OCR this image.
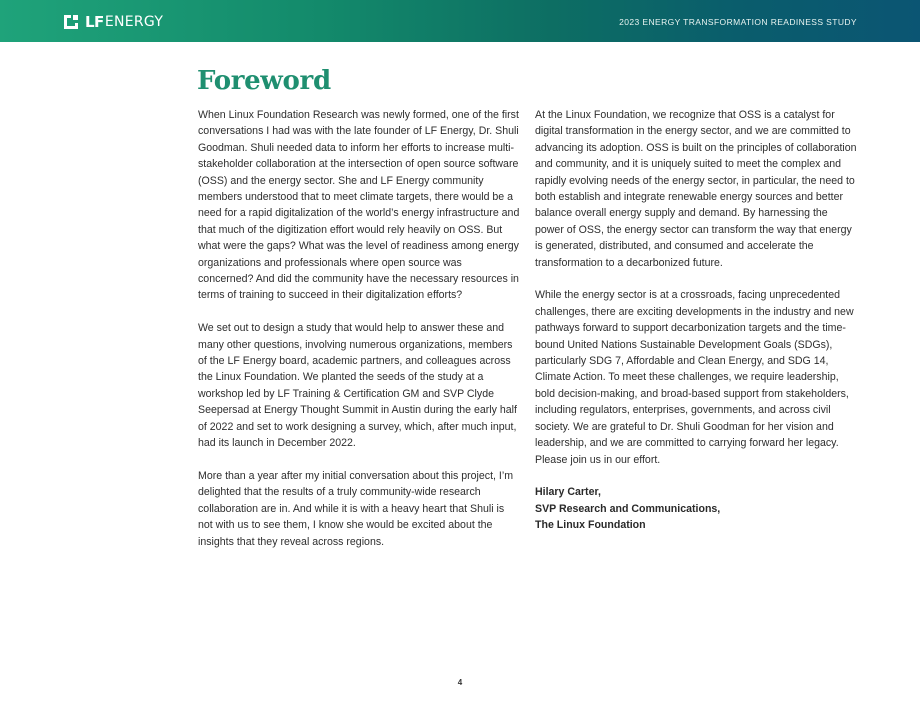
LF ENERGY	2023 ENERGY TRANSFORMATION READINESS STUDY
Foreword

When Linux Foundation Research was newly formed, one of the first conversations I had was with the late founder of LF Energy, Dr. Shuli Goodman. Shuli needed data to inform her efforts to increase multi-stakeholder collaboration at the intersection of open source software (OSS) and the energy sector. She and LF Energy community members understood that to meet climate targets, there would be a need for a rapid digitalization of the world’s energy infrastructure and that much of the digitization effort would rely heavily on OSS. But what were the gaps? What was the level of readiness among energy organizations and professionals where open source was concerned? And did the community have the necessary resources in terms of training to succeed in their digitalization efforts?

We set out to design a study that would help to answer these and many other questions, involving numerous organizations, members of the LF Energy board, academic partners, and colleagues across the Linux Foundation. We planted the seeds of the study at a workshop led by LF Training & Certification GM and SVP Clyde Seepersad at Energy Thought Summit in Austin during the early half of 2022 and set to work designing a survey, which, after much input, had its launch in December 2022.

More than a year after my initial conversation about this project, I’m delighted that the results of a truly community-wide research collaboration are in. And while it is with a heavy heart that Shuli is not with us to see them, I know she would be excited about the insights that they reveal across regions.

At the Linux Foundation, we recognize that OSS is a catalyst for digital transformation in the energy sector, and we are committed to advancing its adoption. OSS is built on the principles of collaboration and community, and it is uniquely suited to meet the complex and rapidly evolving needs of the energy sector, in particular, the need to both establish and integrate renewable energy sources and better balance overall energy supply and demand. By harnessing the power of OSS, the energy sector can transform the way that energy is generated, distributed, and consumed and accelerate the transformation to a decarbonized future.

While the energy sector is at a crossroads, facing unprecedented challenges, there are exciting developments in the industry and new pathways forward to support decarbonization targets and the time-bound United Nations Sustainable Development Goals (SDGs), particularly SDG 7, Affordable and Clean Energy, and SDG 14, Climate Action. To meet these challenges, we require leadership, bold decision-making, and broad-based support from stakeholders, including regulators, enterprises, governments, and across civil society. We are grateful to Dr. Shuli Goodman for her vision and leadership, and we are committed to carrying forward her legacy. Please join us in our effort.

Hilary Carter,
SVP Research and Communications,
The Linux Foundation
4
